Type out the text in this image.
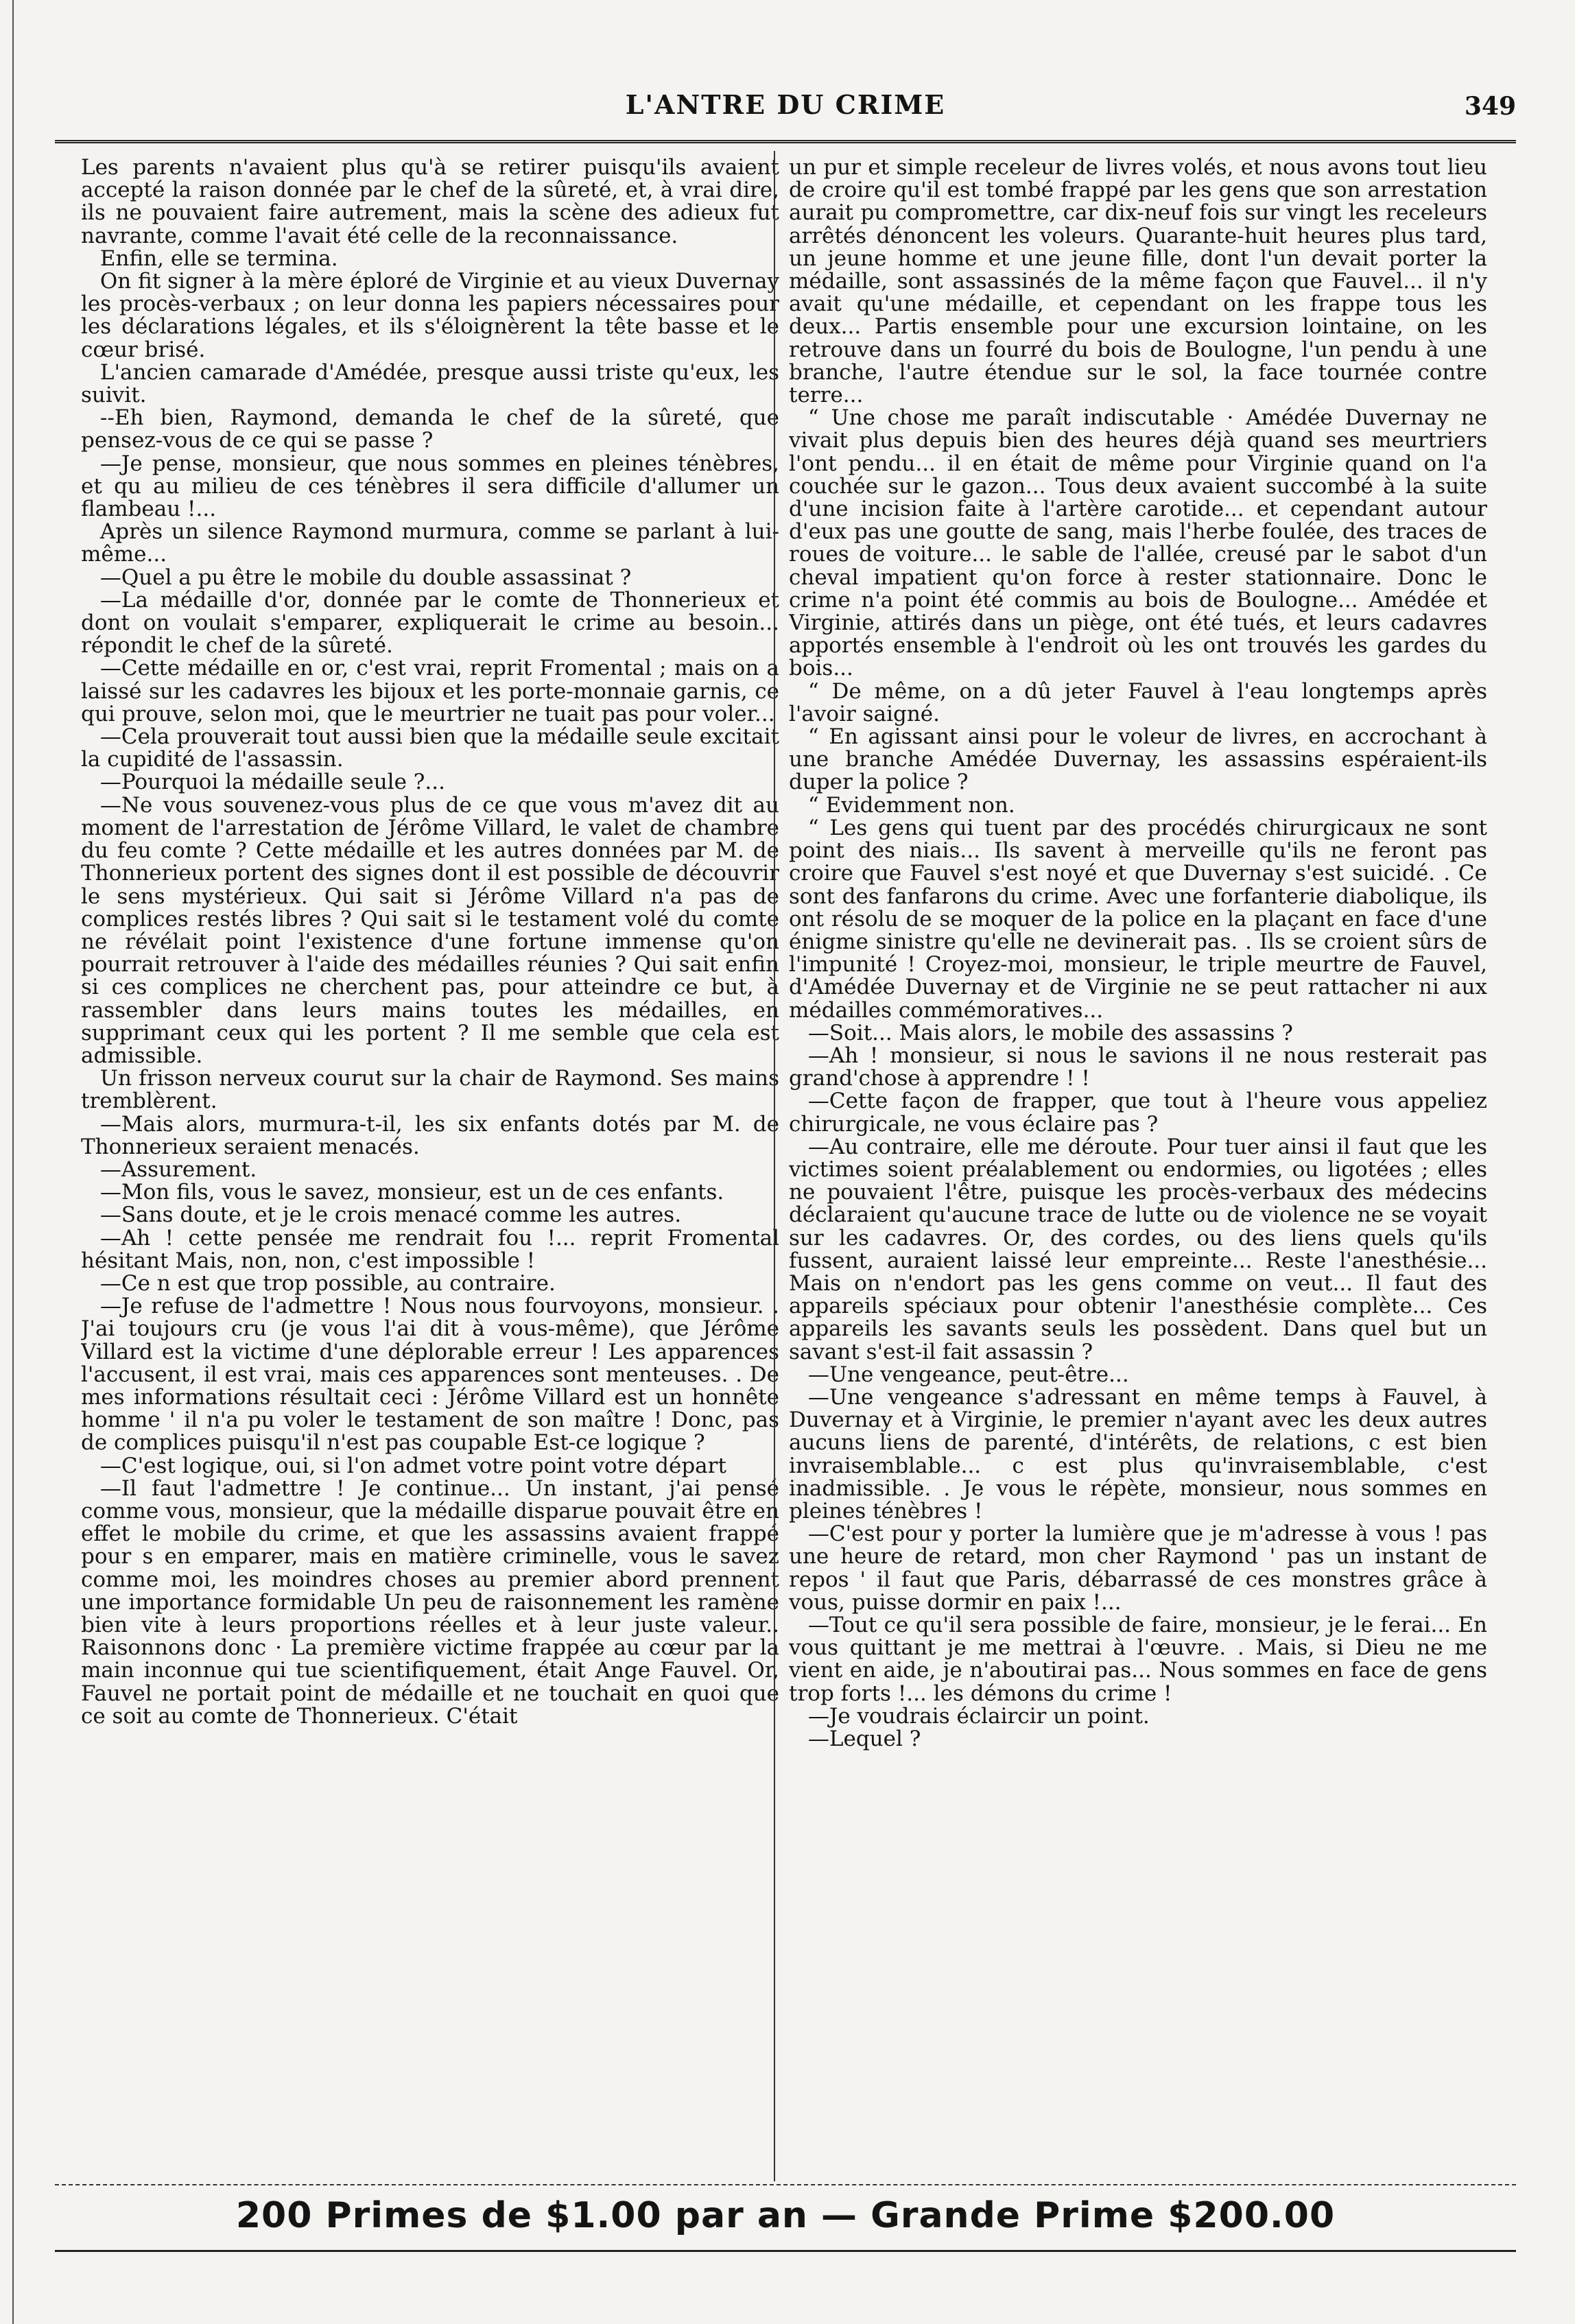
L'ANTRE DU CRIME	349

Les parents n'avaient plus qu'à se retirer puisqu'ils avaient accepté la raison donnée par le chef de la sûreté, et, à vrai dire, ils ne pouvaient faire autrement, mais la scène des adieux fut navrante, comme l'avait été celle de la reconnaissance.

Enfin, elle se termina.

On fit signer à la mère éploré de Virginie et au vieux Duvernay les procès-verbaux ; on leur donna les papiers nécessaires pour les déclarations légales, et ils s'éloignèrent la tête basse et le cœur brisé.

L'ancien camarade d'Amédée, presque aussi triste qu'eux, les suivit.

--Eh bien, Raymond, demanda le chef de la sûreté, que pensez-vous de ce qui se passe ?

—Je pense, monsieur, que nous sommes en pleines ténèbres, et qu au milieu de ces ténèbres il sera difficile d'allumer un flambeau !...

Après un silence Raymond murmura, comme se parlant à lui-même...

—Quel a pu être le mobile du double assassinat ?

—La médaille d'or, donnée par le comte de Thonnerieux et dont on voulait s'emparer, expliquerait le crime au besoin... répondit le chef de la sûreté.

—Cette médaille en or, c'est vrai, reprit Fromental ; mais on a laissé sur les cadavres les bijoux et les porte-monnaie garnis, ce qui prouve, selon moi, que le meurtrier ne tuait pas pour voler...

—Cela prouverait tout aussi bien que la médaille seule excitait la cupidité de l'assassin.

—Pourquoi la médaille seule ?...

—Ne vous souvenez-vous plus de ce que vous m'avez dit au moment de l'arrestation de Jérôme Villard, le valet de chambre du feu comte ? Cette médaille et les autres données par M. de Thonnerieux portent des signes dont il est possible de découvrir le sens mystérieux. Qui sait si Jérôme Villard n'a pas de complices restés libres ? Qui sait si le testament volé du comte ne révélait point l'existence d'une fortune immense qu'on pourrait retrouver à l'aide des médailles réunies ? Qui sait enfin si ces complices ne cherchent pas, pour atteindre ce but, à rassembler dans leurs mains toutes les médailles, en supprimant ceux qui les portent ? Il me semble que cela est admissible.

Un frisson nerveux courut sur la chair de Raymond. Ses mains tremblèrent.

—Mais alors, murmura-t-il, les six enfants dotés par M. de Thonnerieux seraient menacés.

—Assurement.

—Mon fils, vous le savez, monsieur, est un de ces enfants.

—Sans doute, et je le crois menacé comme les autres.

—Ah ! cette pensée me rendrait fou !... reprit Fromental hésitant Mais, non, non, c'est impossible !

—Ce n est que trop possible, au contraire.

—Je refuse de l'admettre ! Nous nous fourvoyons, monsieur. . J'ai toujours cru (je vous l'ai dit à vous-même), que Jérôme Villard est la victime d'une déplorable erreur ! Les apparences l'accusent, il est vrai, mais ces apparences sont menteuses. . De mes informations résultait ceci : Jérôme Villard est un honnête homme ' il n'a pu voler le testament de son maître ! Donc, pas de complices puisqu'il n'est pas coupable Est-ce logique ?

—C'est logique, oui, si l'on admet votre point votre départ

—Il faut l'admettre ! Je continue... Un instant, j'ai pensé comme vous, monsieur, que la médaille disparue pouvait être en effet le mobile du crime, et que les assassins avaient frappé pour s en emparer, mais en matière criminelle, vous le savez comme moi, les moindres choses au premier abord prennent une importance formidable Un peu de raisonnement les ramène bien vite à leurs proportions réelles et à leur juste valeur.. Raisonnons donc · La première victime frappée au cœur par la main inconnue qui tue scientifiquement, était Ange Fauvel. Or, Fauvel ne portait point de médaille et ne touchait en quoi que ce soit au comte de Thonnerieux. C'était

un pur et simple receleur de livres volés, et nous avons tout lieu de croire qu'il est tombé frappé par les gens que son arrestation aurait pu compromettre, car dix-neuf fois sur vingt les receleurs arrêtés dénoncent les voleurs. Quarante-huit heures plus tard, un jeune homme et une jeune fille, dont l'un devait porter la médaille, sont assassinés de la même façon que Fauvel... il n'y avait qu'une médaille, et cependant on les frappe tous les deux... Partis ensemble pour une excursion lointaine, on les retrouve dans un fourré du bois de Boulogne, l'un pendu à une branche, l'autre étendue sur le sol, la face tournée contre terre...

“ Une chose me paraît indiscutable · Amédée Duvernay ne vivait plus depuis bien des heures déjà quand ses meurtriers l'ont pendu... il en était de même pour Virginie quand on l'a couchée sur le gazon... Tous deux avaient succombé à la suite d'une incision faite à l'artère carotide... et cependant autour d'eux pas une goutte de sang, mais l'herbe foulée, des traces de roues de voiture... le sable de l'allée, creusé par le sabot d'un cheval impatient qu'on force à rester stationnaire. Donc le crime n'a point été commis au bois de Boulogne... Amédée et Virginie, attirés dans un piège, ont été tués, et leurs cadavres apportés ensemble à l'endroit où les ont trouvés les gardes du bois...

“ De même, on a dû jeter Fauvel à l'eau longtemps après l'avoir saigné.

“ En agissant ainsi pour le voleur de livres, en accrochant à une branche Amédée Duvernay, les assassins espéraient-ils duper la police ?

“ Evidemment non.

“ Les gens qui tuent par des procédés chirurgicaux ne sont point des niais... Ils savent à merveille qu'ils ne feront pas croire que Fauvel s'est noyé et que Duvernay s'est suicidé. . Ce sont des fanfarons du crime. Avec une forfanterie diabolique, ils ont résolu de se moquer de la police en la plaçant en face d'une énigme sinistre qu'elle ne devinerait pas. . Ils se croient sûrs de l'impunité ! Croyez-moi, monsieur, le triple meurtre de Fauvel, d'Amédée Duvernay et de Virginie ne se peut rattacher ni aux médailles commémoratives...

—Soit... Mais alors, le mobile des assassins ?

—Ah ! monsieur, si nous le savions il ne nous resterait pas grand'chose à apprendre ! !

—Cette façon de frapper, que tout à l'heure vous appeliez chirurgicale, ne vous éclaire pas ?

—Au contraire, elle me déroute. Pour tuer ainsi il faut que les victimes soient préalablement ou endormies, ou ligotées ; elles ne pouvaient l'être, puisque les procès-verbaux des médecins déclaraient qu'aucune trace de lutte ou de violence ne se voyait sur les cadavres. Or, des cordes, ou des liens quels qu'ils fussent, auraient laissé leur empreinte... Reste l'anesthésie... Mais on n'endort pas les gens comme on veut... Il faut des appareils spéciaux pour obtenir l'anesthésie complète... Ces appareils les savants seuls les possèdent. Dans quel but un savant s'est-il fait assassin ?

—Une vengeance, peut-être...

—Une vengeance s'adressant en même temps à Fauvel, à Duvernay et à Virginie, le premier n'ayant avec les deux autres aucuns liens de parenté, d'intérêts, de relations, c est bien invraisemblable... c est plus qu'invraisemblable, c'est inadmissible. . Je vous le répète, monsieur, nous sommes en pleines ténèbres !

—C'est pour y porter la lumière que je m'adresse à vous ! pas une heure de retard, mon cher Raymond ' pas un instant de repos ' il faut que Paris, débarrassé de ces monstres grâce à vous, puisse dormir en paix !...

—Tout ce qu'il sera possible de faire, monsieur, je le ferai... En vous quittant je me mettrai à l'œuvre. . Mais, si Dieu ne me vient en aide, je n'aboutirai pas... Nous sommes en face de gens trop forts !... les démons du crime !

—Je voudrais éclaircir un point.

—Lequel ?

200 Primes de $1.00 par an — Grande Prime $200.00
